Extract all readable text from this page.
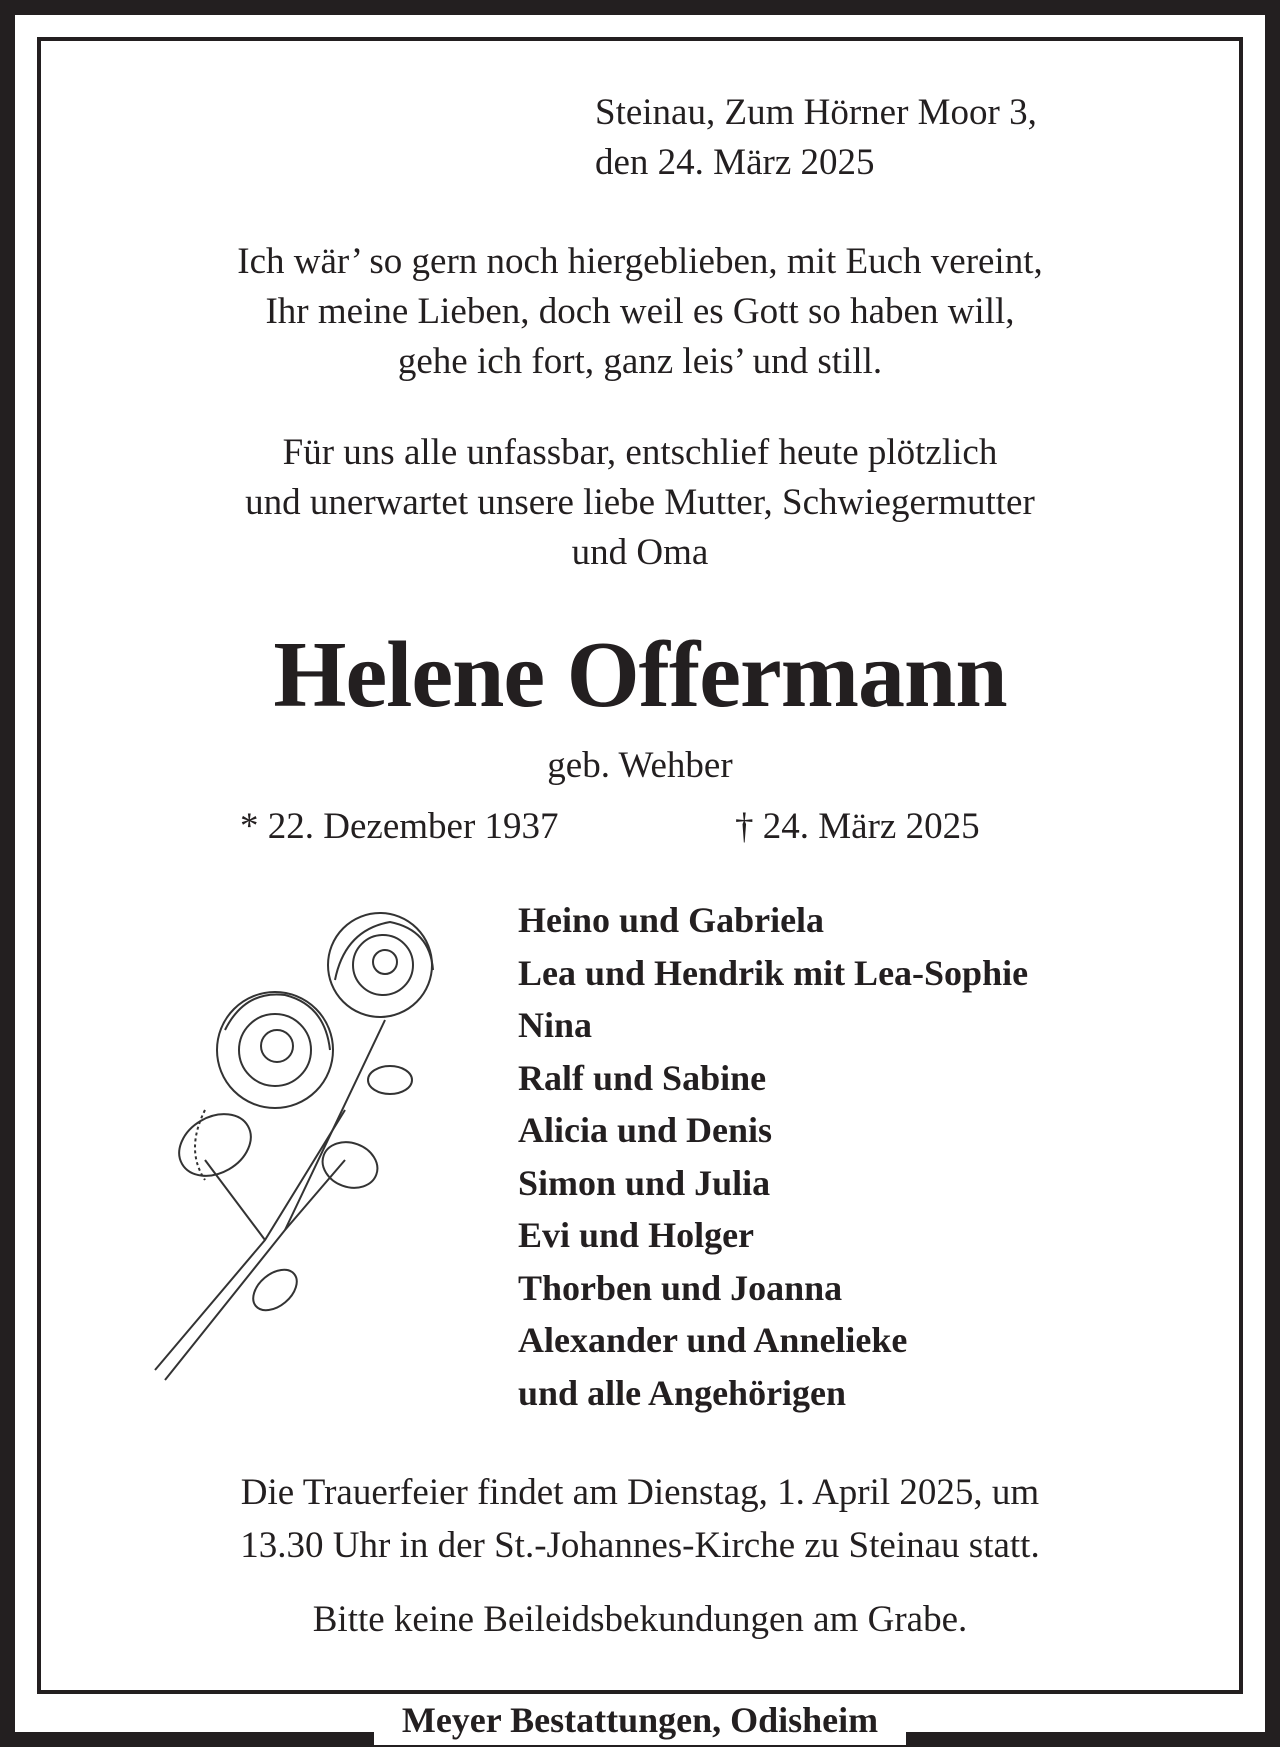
Steinau, Zum Hörner Moor 3,
den 24. März 2025
Ich wär’ so gern noch hiergeblieben, mit Euch vereint,
Ihr meine Lieben, doch weil es Gott so haben will,
gehe ich fort, ganz leis’ und still.
Für uns alle unfassbar, entschlief heute plötzlich
und unerwartet unsere liebe Mutter, Schwiegermutter
und Oma
Helene Offermann
geb. Wehber
* 22. Dezember 1937	† 24. März 2025
Heino und Gabriela
Lea und Hendrik mit Lea-Sophie
Nina
Ralf und Sabine
Alicia und Denis
Simon und Julia
Evi und Holger
Thorben und Joanna
Alexander und Annelieke
und alle Angehörigen
Die Trauerfeier findet am Dienstag, 1. April 2025, um
13.30 Uhr in der St.-Johannes-Kirche zu Steinau statt.
Bitte keine Beileidsbekundungen am Grabe.
Meyer Bestattungen, Odisheim
